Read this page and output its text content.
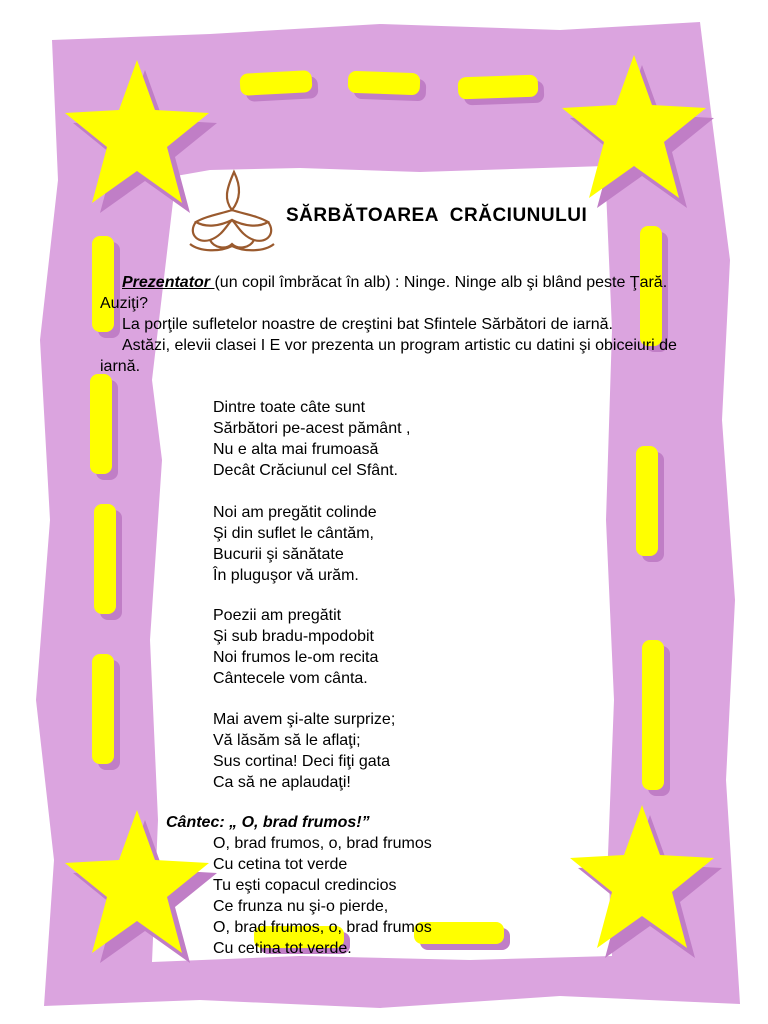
SĂRBĂTOAREA  CRĂCIUNULUI

Prezentator (un copil îmbrăcat în alb) : Ninge. Ninge alb şi blând peste Ţară. Auziţi?

La porţile sufletelor noastre de creştini bat Sfintele Sărbători de iarnă.

Astăzi, elevii clasei I E vor prezenta un program artistic cu datini şi obiceiuri de iarnă.

Dintre toate câte sunt
Sărbători pe-acest pământ ,
Nu e alta mai frumoasă
Decât Crăciunul cel Sfânt.
Noi am pregătit colinde
Şi din suflet le cântăm,
Bucurii şi sănătate
În pluguşor vă urăm.
Poezii am pregătit
Şi sub bradu-mpodobit
Noi frumos le-om recita
Cântecele vom cânta.
Mai avem şi-alte surprize;
Vă lăsăm să le aflaţi;
Sus cortina! Deci fiţi gata
Ca să ne aplaudaţi!
Cântec: „ O, brad frumos!”
O, brad frumos, o, brad frumos
Cu cetina tot verde
Tu eşti copacul credincios
Ce frunza nu şi-o pierde,
O, brad frumos, o, brad frumos
Cu cetina tot verde.
